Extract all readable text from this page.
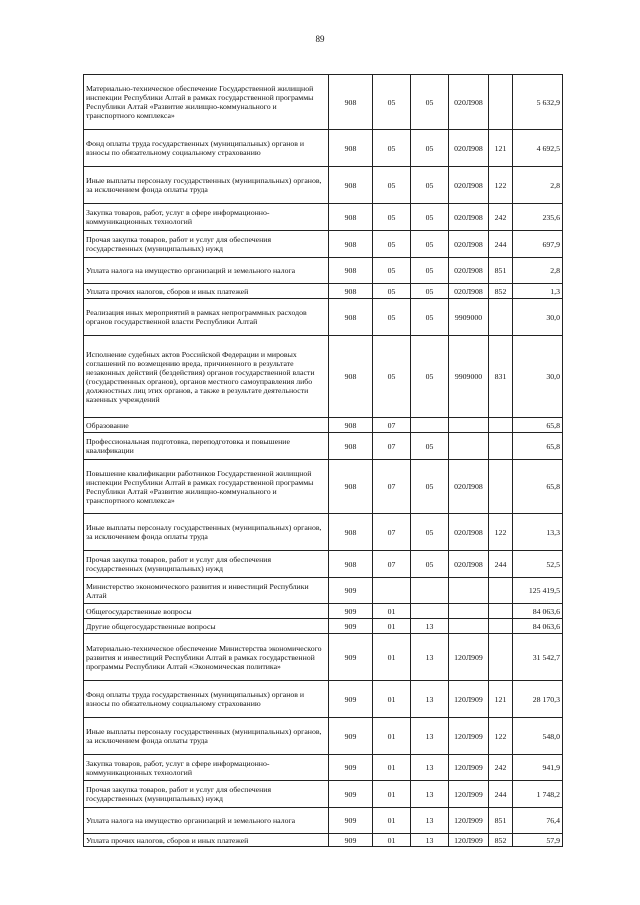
89
Материально-техническое обеспечение Государственной жилищной инспекции Республики Алтай в рамках государственной программы Республики Алтай «Развитие жилищно-коммунального и транспортного комплекса»	908	05	05	020Л908		5 632,9
Фонд оплаты труда государственных (муниципальных) органов и взносы по обязательному социальному страхованию	908	05	05	020Л908	121	4 692,5
Иные выплаты персоналу государственных (муниципальных) органов, за исключением фонда оплаты труда	908	05	05	020Л908	122	2,8
Закупка товаров, работ, услуг в сфере информационно-коммуникационных технологий	908	05	05	020Л908	242	235,6
Прочая закупка товаров, работ и услуг для обеспечения государственных (муниципальных) нужд	908	05	05	020Л908	244	697,9
Уплата налога на имущество организаций и земельного налога	908	05	05	020Л908	851	2,8
Уплата прочих налогов, сборов и иных платежей	908	05	05	020Л908	852	1,3
Реализация иных мероприятий в рамках непрограммных расходов органов государственной власти Республики Алтай	908	05	05	9909000		30,0
Исполнение судебных актов Российской Федерации и мировых соглашений по возмещению вреда, причиненного в результате незаконных действий (бездействия) органов государственной власти (государственных органов), органов местного самоуправления либо должностных лиц этих органов, а также в результате деятельности казенных учреждений	908	05	05	9909000	831	30,0
Образование	908	07				65,8
Профессиональная подготовка, переподготовка и повышение квалификации	908	07	05			65,8
Повышение квалификации работников Государственной жилищной инспекции Республики Алтай в рамках государственной программы Республики Алтай «Развитие жилищно-коммунального и транспортного комплекса»	908	07	05	020Л908		65,8
Иные выплаты персоналу государственных (муниципальных) органов, за исключением фонда оплаты труда	908	07	05	020Л908	122	13,3
Прочая закупка товаров, работ и услуг для обеспечения государственных (муниципальных) нужд	908	07	05	020Л908	244	52,5
Министерство экономического развития и инвестиций Республики Алтай	909					125 419,5
Общегосударственные вопросы	909	01				84 063,6
Другие общегосударственные вопросы	909	01	13			84 063,6
Материально-техническое обеспечение Министерства экономического развития и инвестиций Республики Алтай в рамках государственной программы Республики Алтай «Экономическая политика»	909	01	13	120Л909		31 542,7
Фонд оплаты труда государственных (муниципальных) органов и взносы по обязательному социальному страхованию	909	01	13	120Л909	121	28 170,3
Иные выплаты персоналу государственных (муниципальных) органов, за исключением фонда оплаты труда	909	01	13	120Л909	122	548,0
Закупка товаров, работ, услуг в сфере информационно-коммуникационных технологий	909	01	13	120Л909	242	941,9
Прочая закупка товаров, работ и услуг для обеспечения государственных (муниципальных) нужд	909	01	13	120Л909	244	1 748,2
Уплата налога на имущество организаций и земельного налога	909	01	13	120Л909	851	76,4
Уплата прочих налогов, сборов и иных платежей	909	01	13	120Л909	852	57,9
